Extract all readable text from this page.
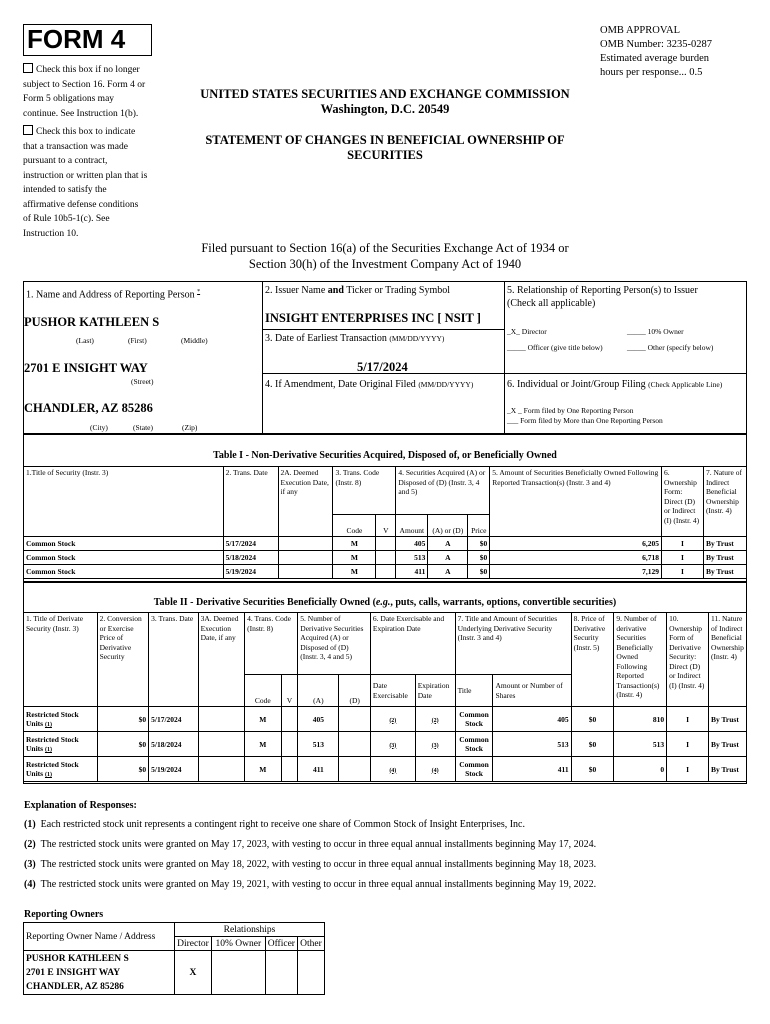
FORM 4
Check this box if no longer
subject to Section 16. Form 4 or
Form 5 obligations may
continue. See Instruction 1(b).
Check this box to indicate
that a transaction was made
pursuant to a contract,
instruction or written plan that is
intended to satisfy the
affirmative defense conditions
of Rule 10b5-1(c). See
Instruction 10.
OMB APPROVAL
OMB Number: 3235-0287
Estimated average burden
hours per response... 0.5
UNITED STATES SECURITIES AND EXCHANGE COMMISSION
Washington, D.C. 20549
STATEMENT OF CHANGES IN BENEFICIAL OWNERSHIP OF
SECURITIES
Filed pursuant to Section 16(a) of the Securities Exchange Act of 1934 or
Section 30(h) of the Investment Company Act of 1940
1. Name and Address of Reporting Person *
PUSHOR KATHLEEN S
(Last)	(First)	(Middle)
2701 E INSIGHT WAY
(Street)
CHANDLER, AZ 85286
(City)	(State)	(Zip)
2. Issuer Name and Ticker or Trading Symbol
INSIGHT ENTERPRISES INC [ NSIT ]
3. Date of Earliest Transaction (MM/DD/YYYY)
5/17/2024
4. If Amendment, Date Original Filed (MM/DD/YYYY)
5. Relationship of Reporting Person(s) to Issuer
(Check all applicable)
_X_ Director	_____ 10% Owner
_____ Officer (give title below)	_____ Other (specify below)
6. Individual or Joint/Group Filing (Check Applicable Line)
_X _ Form filed by One Reporting Person
___ Form filed by More than One Reporting Person
Table I - Non-Derivative Securities Acquired, Disposed of, or Beneficially Owned
1.Title of Security (Instr. 3)	2. Trans. Date	2A. Deemed Execution Date, if any	3. Trans. Code (Instr. 8)		4. Securities Acquired (A) or Disposed of (D) (Instr. 3, 4 and 5)			5. Amount of Securities Beneficially Owned Following Reported Transaction(s) (Instr. 3 and 4)	6. Ownership Form: Direct (D) or Indirect (I) (Instr. 4)	7. Nature of Indirect Beneficial Ownership (Instr. 4)
			Code	V	Amount	(A) or (D)	Price			
Common Stock	5/17/2024		M		405	A	$0	6,205	I	By Trust
Common Stock	5/18/2024		M		513	A	$0	6,718	I	By Trust
Common Stock	5/19/2024		M		411	A	$0	7,129	I	By Trust
Table II - Derivative Securities Beneficially Owned (e.g., puts, calls, warrants, options, convertible securities)
1. Title of Derivate Security (Instr. 3)	2. Conversion or Exercise Price of Derivative Security	3. Trans. Date	3A. Deemed Execution Date, if any	4. Trans. Code (Instr. 8)		5. Number of Derivative Securities Acquired (A) or Disposed of (D) (Instr. 3, 4 and 5)		6. Date Exercisable and Expiration Date		7. Title and Amount of Securities Underlying Derivative Security (Instr. 3 and 4)		8. Price of Derivative Security (Instr. 5)	9. Number of derivative Securities Beneficially Owned Following Reported Transaction(s) (Instr. 4)	10. Ownership Form of Derivative Security: Direct (D) or Indirect (I) (Instr. 4)	11. Nature of Indirect Beneficial Ownership (Instr. 4)
				Code	V	(A)	(D)	Date Exercisable	Expiration Date	Title	Amount or Number of Shares				
Restricted Stock Units (1)	$0	5/17/2024		M		405		(2)	(2)	Common Stock	405	$0	810	I	By Trust
Restricted Stock Units (1)	$0	5/18/2024		M		513		(3)	(3)	Common Stock	513	$0	513	I	By Trust
Restricted Stock Units (1)	$0	5/19/2024		M		411		(4)	(4)	Common Stock	411	$0	0	I	By Trust
Explanation of Responses:
(1) Each restricted stock unit represents a contingent right to receive one share of Common Stock of Insight Enterprises, Inc.
(2) The restricted stock units were granted on May 17, 2023, with vesting to occur in three equal annual installments beginning May 17, 2024.
(3) The restricted stock units were granted on May 18, 2022, with vesting to occur in three equal annual installments beginning May 18, 2023.
(4) The restricted stock units were granted on May 19, 2021, with vesting to occur in three equal annual installments beginning May 19, 2022.
Reporting Owners
Reporting Owner Name / Address	Relationships			
	Director	10% Owner	Officer	Other

PUSHOR KATHLEEN S
2701 E INSIGHT WAY
CHANDLER, AZ 85286	X			
